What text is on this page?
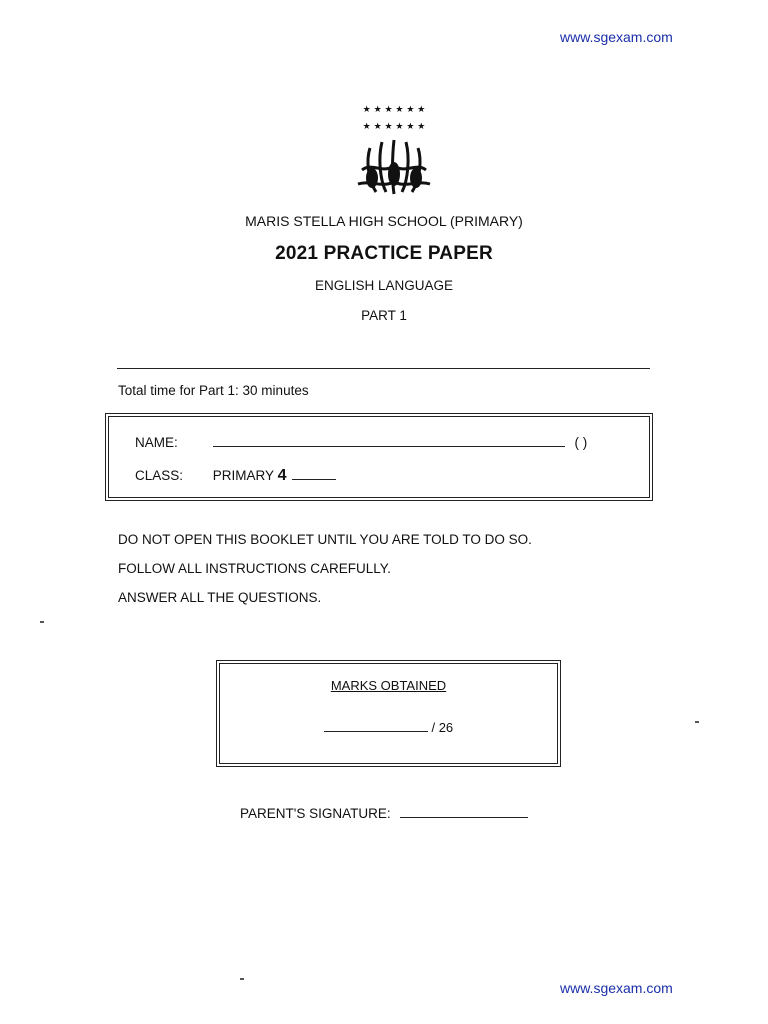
www.sgexam.com
★ ★ ★ ★ ★ ★
★ ★ ★ ★ ★ ★
MARIS STELLA HIGH SCHOOL (PRIMARY)
2021 PRACTICE PAPER
ENGLISH LANGUAGE
PART 1
Total time for Part 1: 30 minutes
NAME:	( )
CLASS: PRIMARY 4
DO NOT OPEN THIS BOOKLET UNTIL YOU ARE TOLD TO DO SO.
FOLLOW ALL INSTRUCTIONS CAREFULLY.
ANSWER ALL THE QUESTIONS.
MARKS OBTAINED
/ 26
PARENT'S SIGNATURE:
www.sgexam.com
